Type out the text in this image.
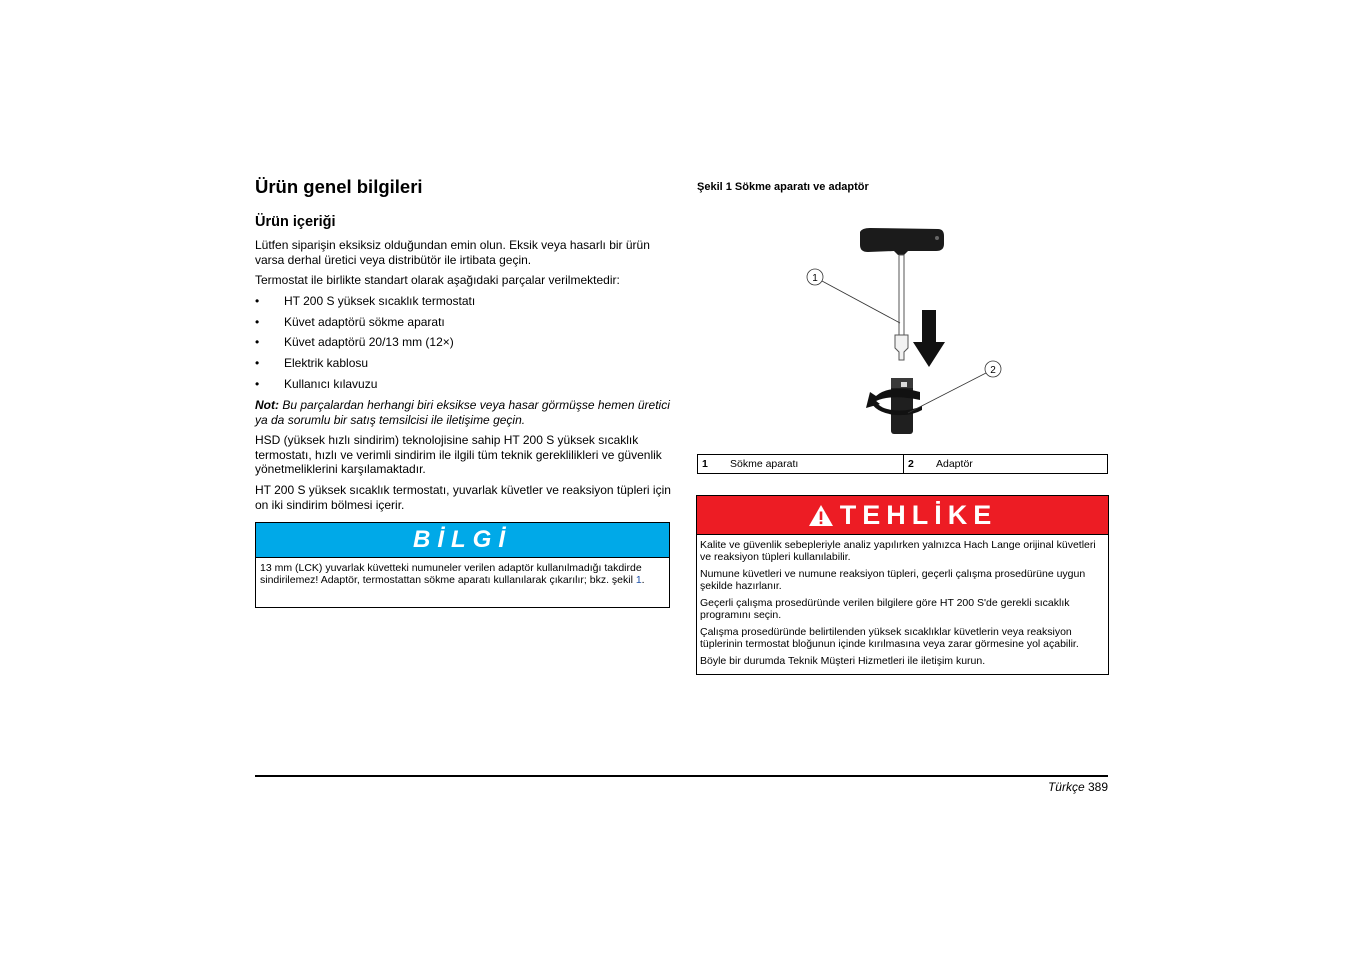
Ürün genel bilgileri
Ürün içeriği

Lütfen siparişin eksiksiz olduğundan emin olun. Eksik veya hasarlı bir ürün varsa derhal üretici veya distribütör ile irtibata geçin.

Termostat ile birlikte standart olarak aşağıdaki parçalar verilmektedir:

• HT 200 S yüksek sıcaklık termostatı
• Küvet adaptörü sökme aparatı
• Küvet adaptörü 20/13 mm (12×)
• Elektrik kablosu
• Kullanıcı kılavuzu

Not: Bu parçalardan herhangi biri eksikse veya hasar görmüşse hemen üretici ya da sorumlu bir satış temsilcisi ile iletişime geçin.

HSD (yüksek hızlı sindirim) teknolojisine sahip HT 200 S yüksek sıcaklık termostatı, hızlı ve verimli sindirim ile ilgili tüm teknik gereklilikleri ve güvenlik yönetmeliklerini karşılamaktadır.

HT 200 S yüksek sıcaklık termostatı, yuvarlak küvetler ve reaksiyon tüpleri için on iki sindirim bölmesi içerir.

BİLGİ
13 mm (LCK) yuvarlak küvetteki numuneler verilen adaptör kullanılmadığı takdirde sindirilemez! Adaptör, termostattan sökme aparatı kullanılarak çıkarılır; bkz. şekil 1.

Şekil 1 Sökme aparatı ve adaptör

1
2
1	Sökme aparatı	2	Adaptör
TEHLİKE

Kalite ve güvenlik sebepleriyle analiz yapılırken yalnızca Hach Lange orijinal küvetleri ve reaksiyon tüpleri kullanılabilir.

Numune küvetleri ve numune reaksiyon tüpleri, geçerli çalışma prosedürüne uygun şekilde hazırlanır.

Geçerli çalışma prosedüründe verilen bilgilere göre HT 200 S'de gerekli sıcaklık programını seçin.

Çalışma prosedüründe belirtilenden yüksek sıcaklıklar küvetlerin veya reaksiyon tüplerinin termostat bloğunun içinde kırılmasına veya zarar görmesine yol açabilir.

Böyle bir durumda Teknik Müşteri Hizmetleri ile iletişim kurun.

Türkçe 389
